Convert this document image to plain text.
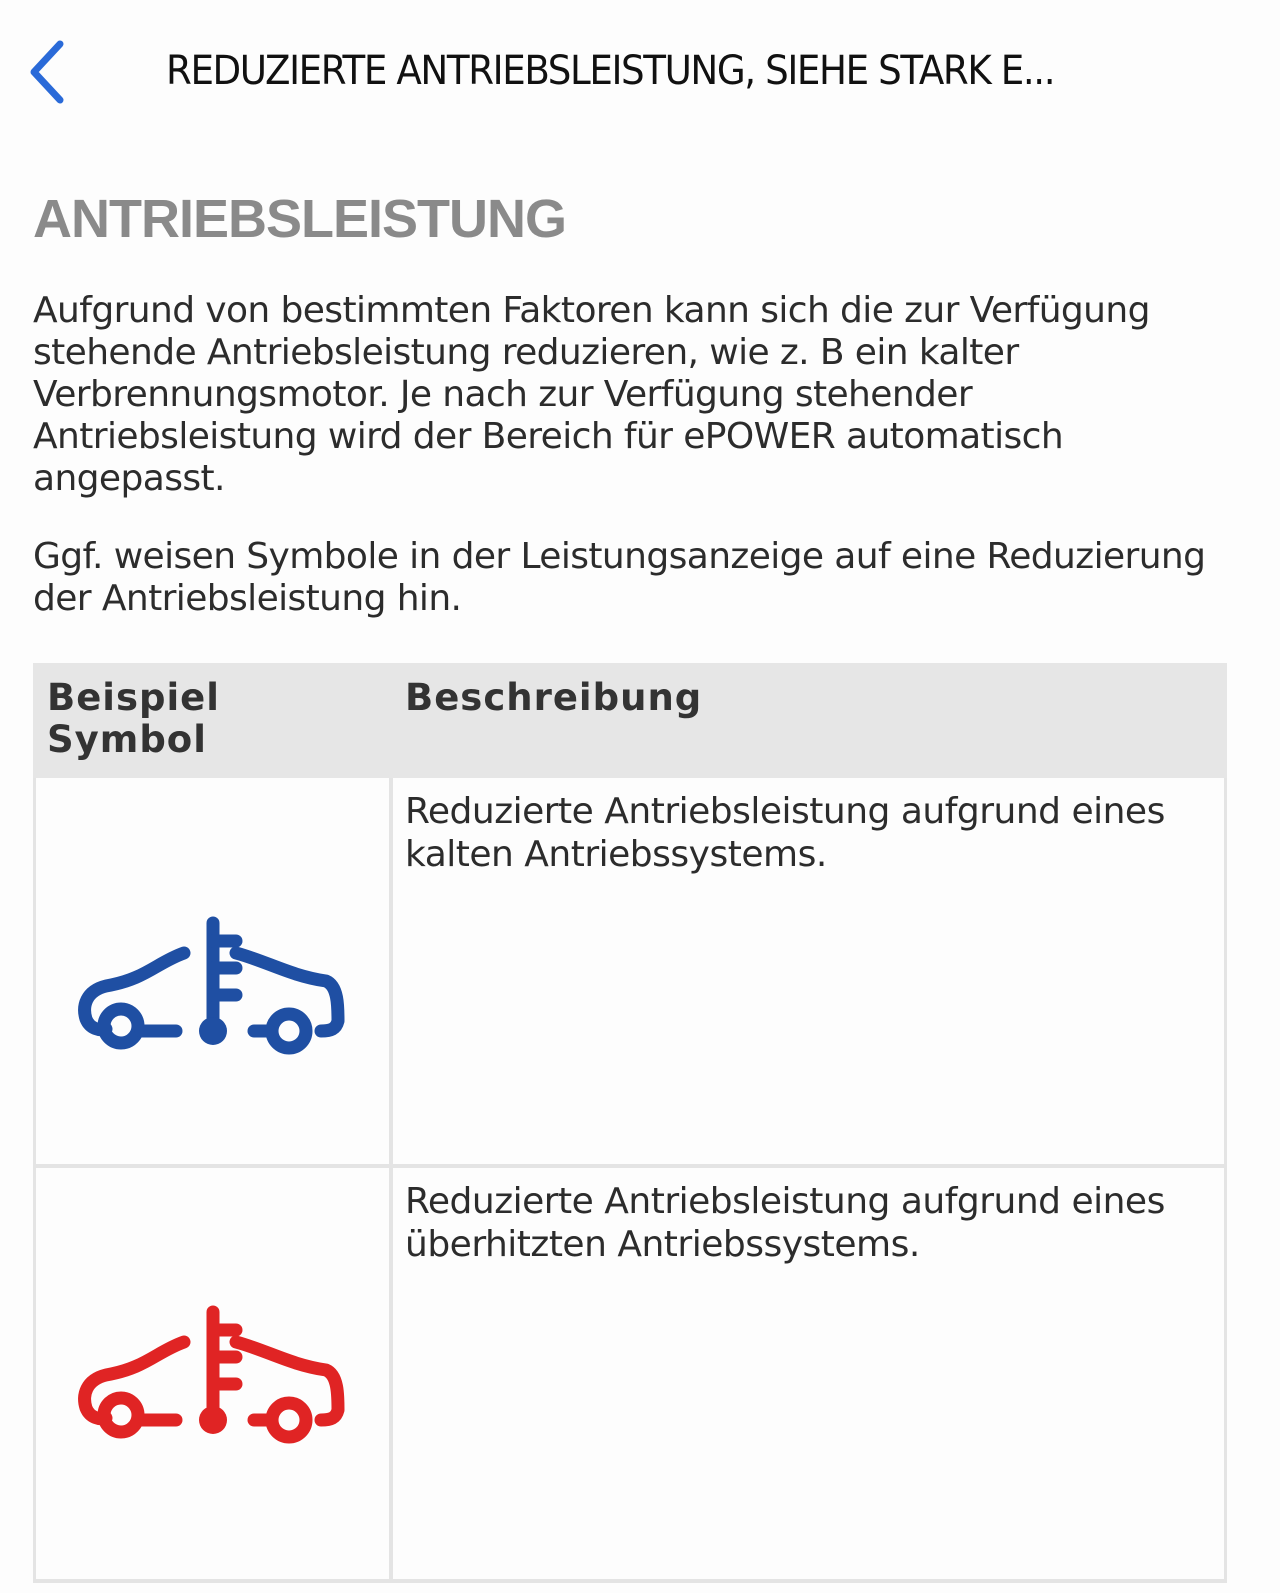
REDUZIERTE ANTRIEBSLEISTUNG, SIEHE STARK E...
ANTRIEBSLEISTUNG
Aufgrund von bestimmten Faktoren kann sich die zur Verfügung stehende Antriebsleistung reduzieren, wie z. B ein kalter Verbrennungsmotor. Je nach zur Verfügung stehender Antriebsleistung wird der Bereich für ePOWER automatisch angepasst.
Ggf. weisen Symbole in der Leistungsanzeige auf eine Reduzierung der Antriebsleistung hin.
Beispiel Symbol
Beschreibung
Reduzierte Antriebsleistung aufgrund eines kalten Antriebssystems.
Reduzierte Antriebsleistung aufgrund eines überhitzten Antriebssystems.
